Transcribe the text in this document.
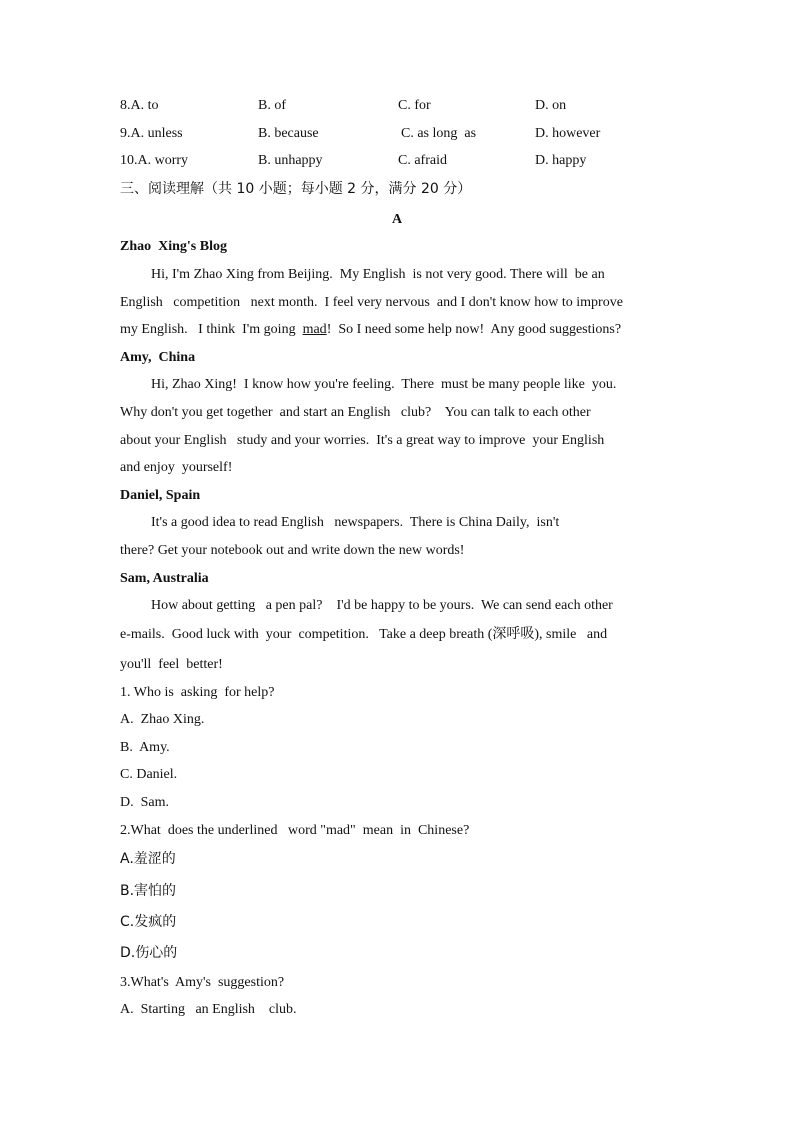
8.A. to	B. of	C. for	D. on
9.A. unless	B. because	C. as long  as	D. however
10.A. worry	B. unhappy	C. afraid	D. happy
三、阅读理解（共 10 小题；每小题 2 分，满分 20 分）
A
Zhao  Xing's Blog
Hi, I'm Zhao Xing from Beijing.  My English  is not very good. There will  be an
English   competition   next month.  I feel very nervous  and I don't know how to improve
my English.   I think  I'm going  mad!  So I need some help now!  Any good suggestions?
Amy,  China
Hi, Zhao Xing!  I know how you're feeling.  There  must be many people like  you.
Why don't you get together  and start an English   club?    You can talk to each other
about your English   study and your worries.  It's a great way to improve  your English
and enjoy  yourself!
Daniel, Spain
It's a good idea to read English   newspapers.  There is China Daily,  isn't
there? Get your notebook out and write down the new words!
Sam, Australia
How about getting   a pen pal?    I'd be happy to be yours.  We can send each other
e-mails.  Good luck with  your  competition.   Take a deep breath (深呼吸), smile   and
you'll  feel  better!
1. Who is  asking  for help?
A.  Zhao Xing.
B.  Amy.
C. Daniel.
D.  Sam.
2.What  does the underlined   word "mad"  mean  in  Chinese?
A.羞涩的
B.害怕的
C.发疯的
D.伤心的
3.What's  Amy's  suggestion?
A.  Starting   an English    club.
